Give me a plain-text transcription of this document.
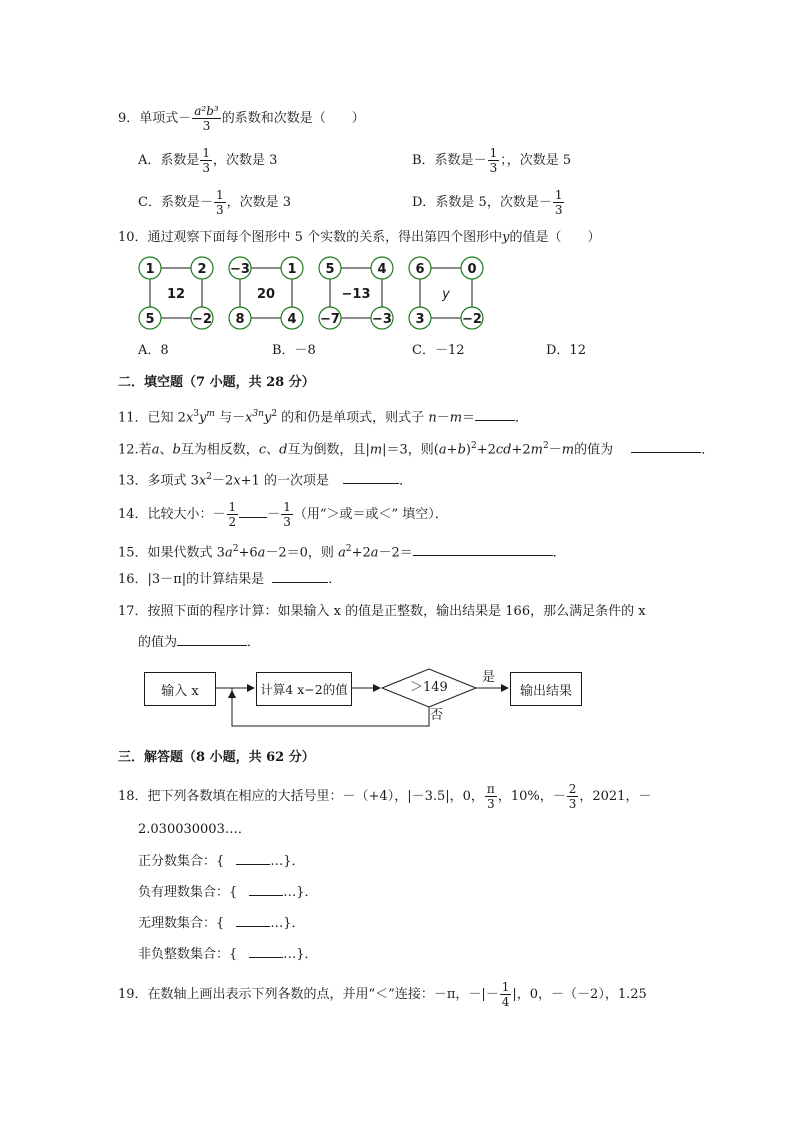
9．单项式－ $\frac{\text{a²b³}}{3}$ 的系数和次数是（　　）
A．系数是 $\frac{1}{3}$ ，次数是 3	B．系数是－ $\frac{1}{3}$ ；，次数是 5
C．系数是－ $\frac{1}{3}$ ，次数是 3	D．系数是 5，次数是－ $\frac{1}{3}$
10．通过观察下面每个图形中 5 个实数的关系，得出第四个图形中y的值是（　　）
1	2
5	−2
12
−3	1
8	4
20
5	4
−7 −3
−13
6	0
3	−2
y
A．8	B．－8	C．－12	D．12
二．填空题（7 小题，共 28 分）
11．已知 $2x^3y^m$ 与$-x^{3n}y^2$ 的和仍是单项式，则式子 n－m＝	．
12.若a、b互为相反数，c、d互为倒数，且|m|＝3，则$(a+b)^2+2cd+2m^2-m$的值为	．
13．多项式 $3x^2-2x+1$ 的一次项是	．
14．比较大小：－ $\frac{1}{2} - \frac{1}{3}$ （用“＞或＝或＜” 填空）．
15．如果代数式 $3a^2+6a-2=0$，则 $a^2+2a-2=$	．
16．|3－π|的计算结果是	．
17．按照下面的程序计算：如果输入 x 的值是正整数，输出结果是 166，那么满足条件的 x
的值为	．
输入 x	计算4 x−2的值	＞149
是
否
输出结果
三．解答题（8 小题，共 62 分）
18．把下列各数填在相应的大括号里：－（+4），|－3.5|，0， $\frac{\pi}{3}$ ，10%，－ $\frac{2}{3}$ ，2021，－
2.030030003…．
正分数集合：{	…}．
负有理数集合：{	…}．
无理数集合：{	…}．
非负整数集合：{	…}．
19．在数轴上画出表示下列各数的点，并用“＜”连接：－π，－|－ $\frac{1}{4}$ |，0，－（－2），1.25
